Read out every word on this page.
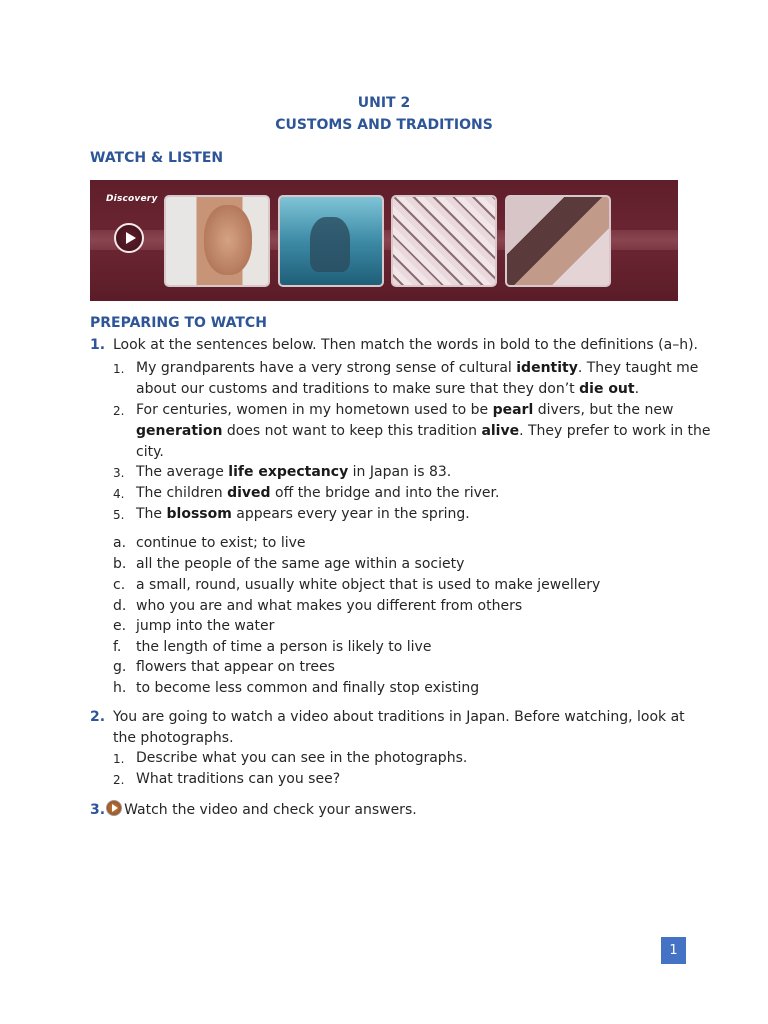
UNIT 2
CUSTOMS AND TRADITIONS
WATCH & LISTEN
Discovery
PREPARING TO WATCH
1. Look at the sentences below. Then match the words in bold to the definitions (a–h).
1. My grandparents have a very strong sense of cultural identity. They taught me
about our customs and traditions to make sure that they don’t die out.
2. For centuries, women in my hometown used to be pearl divers, but the new
generation does not want to keep this tradition alive. They prefer to work in the
city.
3. The average life expectancy in Japan is 83.
4. The children dived off the bridge and into the river.
5. The blossom appears every year in the spring.
a. continue to exist; to live
b. all the people of the same age within a society
c. a small, round, usually white object that is used to make jewellery
d. who you are and what makes you different from others
e. jump into the water
f. the length of time a person is likely to live
g. flowers that appear on trees
h. to become less common and finally stop existing
2. You are going to watch a video about traditions in Japan. Before watching, look at
the photographs.
1. Describe what you can see in the photographs.
2. What traditions can you see?
3. Watch the video and check your answers.
1
